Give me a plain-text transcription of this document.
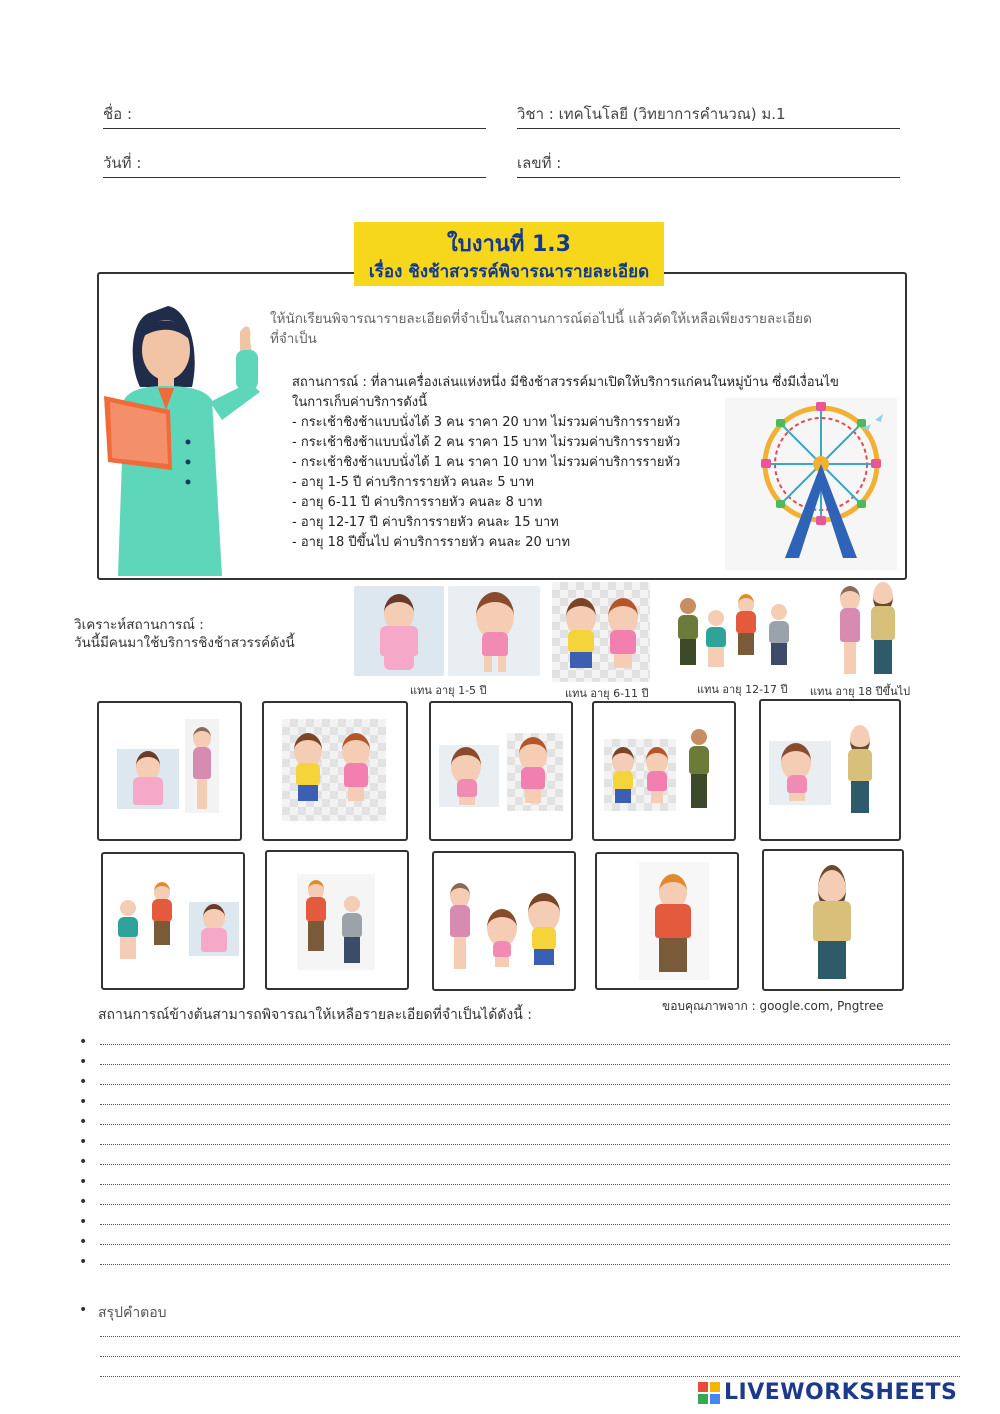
ชื่อ :	วิชา : เทคโนโลยี (วิทยาการคำนวณ) ม.1
วันที่ :	เลขที่ :
ใบงานที่ 1.3
เรื่อง ชิงช้าสวรรค์พิจารณารายละเอียด
ให้นักเรียนพิจารณารายละเอียดที่จำเป็นในสถานการณ์ต่อไปนี้ แล้วคัดให้เหลือเพียงรายละเอียดที่จำเป็น
สถานการณ์ : ที่ลานเครื่องเล่นแห่งหนึ่ง มีชิงช้าสวรรค์มาเปิดให้บริการแก่คนในหมู่บ้าน ซึ่งมีเงื่อนไขในการเก็บค่าบริการดังนี้
- กระเช้าชิงช้าแบบนั่งได้ 3 คน ราคา 20 บาท ไม่รวมค่าบริการรายหัว
- กระเช้าชิงช้าแบบนั่งได้ 2 คน ราคา 15 บาท ไม่รวมค่าบริการรายหัว
- กระเช้าชิงช้าแบบนั่งได้ 1 คน ราคา 10 บาท ไม่รวมค่าบริการรายหัว
- อายุ 1-5 ปี ค่าบริการรายหัว คนละ 5 บาท
- อายุ 6-11 ปี ค่าบริการรายหัว คนละ 8 บาท
- อายุ 12-17 ปี ค่าบริการรายหัว คนละ 15 บาท
- อายุ 18 ปีขึ้นไป ค่าบริการรายหัว คนละ 20 บาท
วิเคราะห์สถานการณ์ :
วันนี้มีคนมาใช้บริการชิงช้าสวรรค์ดังนี้
แทน อายุ 1-5 ปี	แทน อายุ 6-11 ปี	แทน อายุ 12-17 ปี แทน อายุ 18 ปีขึ้นไป
สถานการณ์ข้างต้นสามารถพิจารณาให้เหลือรายละเอียดที่จำเป็นได้ดังนี้ :
ขอบคุณภาพจาก : google.com, Pngtree
•
•
•
•
•
•
•
•
•
•
•
•
• สรุปคำตอบ
LIVEWORKSHEETS
